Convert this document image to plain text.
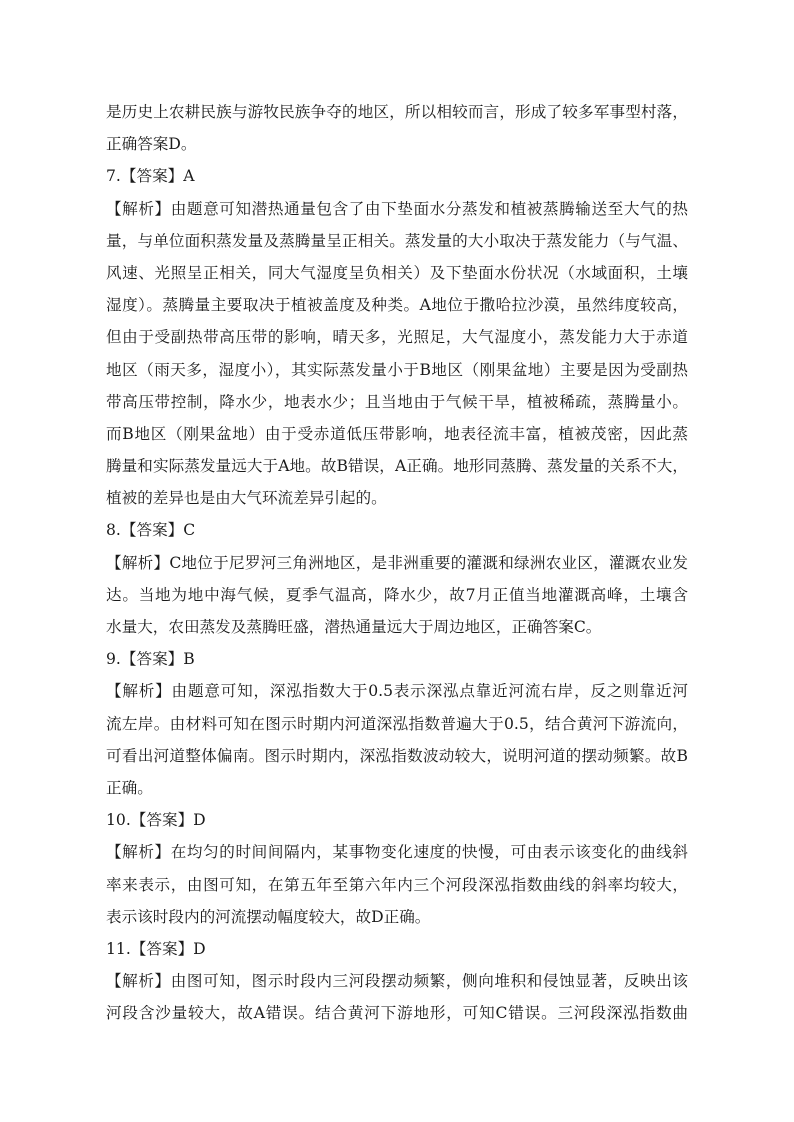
是历史上农耕民族与游牧民族争夺的地区，所以相较而言，形成了较多军事型村落，
正确答案D。
7.【答案】A
【解析】由题意可知潜热通量包含了由下垫面水分蒸发和植被蒸腾输送至大气的热
量，与单位面积蒸发量及蒸腾量呈正相关。蒸发量的大小取决于蒸发能力（与气温、
风速、光照呈正相关，同大气湿度呈负相关）及下垫面水份状况（水域面积，土壤
湿度）。蒸腾量主要取决于植被盖度及种类。A地位于撒哈拉沙漠，虽然纬度较高，
但由于受副热带高压带的影响，晴天多，光照足，大气湿度小，蒸发能力大于赤道
地区（雨天多，湿度小），其实际蒸发量小于B地区（刚果盆地）主要是因为受副热
带高压带控制，降水少，地表水少；且当地由于气候干旱，植被稀疏，蒸腾量小。
而B地区（刚果盆地）由于受赤道低压带影响，地表径流丰富，植被茂密，因此蒸
腾量和实际蒸发量远大于A地。故B错误，A正确。地形同蒸腾、蒸发量的关系不大，
植被的差异也是由大气环流差异引起的。
8.【答案】C
【解析】C地位于尼罗河三角洲地区，是非洲重要的灌溉和绿洲农业区，灌溉农业发
达。当地为地中海气候，夏季气温高，降水少，故7月正值当地灌溉高峰，土壤含
水量大，农田蒸发及蒸腾旺盛，潜热通量远大于周边地区，正确答案C。
9.【答案】B
【解析】由题意可知，深泓指数大于0.5表示深泓点靠近河流右岸，反之则靠近河
流左岸。由材料可知在图示时期内河道深泓指数普遍大于0.5，结合黄河下游流向，
可看出河道整体偏南。图示时期内，深泓指数波动较大，说明河道的摆动频繁。故B
正确。
10.【答案】D
【解析】在均匀的时间间隔内，某事物变化速度的快慢，可由表示该变化的曲线斜
率来表示，由图可知，在第五年至第六年内三个河段深泓指数曲线的斜率均较大，
表示该时段内的河流摆动幅度较大，故D正确。
11.【答案】D
【解析】由图可知，图示时段内三河段摆动频繁，侧向堆积和侵蚀显著，反映出该
河段含沙量较大，故A错误。结合黄河下游地形，可知C错误。三河段深泓指数曲
